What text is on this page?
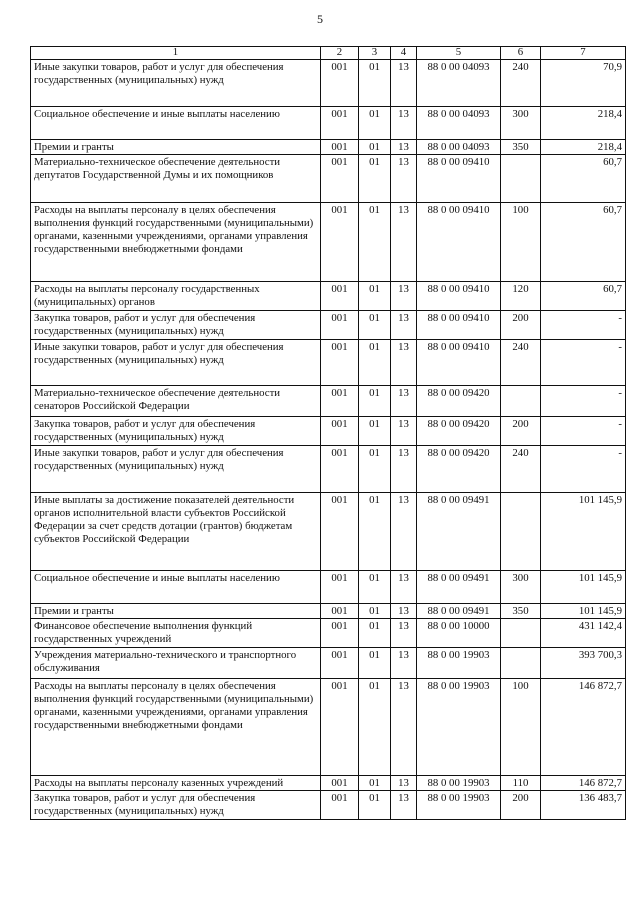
5
1	2	3	4	5	6	7
Иные закупки товаров, работ и услуг для обеспечения государственных (муниципальных) нужд	001	01	13	88 0 00 04093	240	70,9
Социальное обеспечение и иные выплаты населению	001	01	13	88 0 00 04093	300	218,4
Премии и гранты	001	01	13	88 0 00 04093	350	218,4
Материально-техническое обеспечение деятельности депутатов Государственной Думы и их помощников	001	01	13	88 0 00 09410		60,7
Расходы на выплаты персоналу в целях обеспечения выполнения функций государственными (муниципальными) органами, казенными учреждениями, органами управления государственными внебюджетными фондами	001	01	13	88 0 00 09410	100	60,7
Расходы на выплаты персоналу государственных (муниципальных) органов	001	01	13	88 0 00 09410	120	60,7
Закупка товаров, работ и услуг для обеспечения государственных (муниципальных) нужд	001	01	13	88 0 00 09410	200	-
Иные закупки товаров, работ и услуг для обеспечения государственных (муниципальных) нужд	001	01	13	88 0 00 09410	240	-
Материально-техническое обеспечение деятельности сенаторов Российской Федерации	001	01	13	88 0 00 09420		-
Закупка товаров, работ и услуг для обеспечения государственных (муниципальных) нужд	001	01	13	88 0 00 09420	200	-
Иные закупки товаров, работ и услуг для обеспечения государственных (муниципальных) нужд	001	01	13	88 0 00 09420	240	-
Иные выплаты за достижение показателей деятельности органов исполнительной власти субъектов Российской Федерации за счет средств дотации (грантов) бюджетам субъектов Российской Федерации	001	01	13	88 0 00 09491		101 145,9
Социальное обеспечение и иные выплаты населению	001	01	13	88 0 00 09491	300	101 145,9
Премии и гранты	001	01	13	88 0 00 09491	350	101 145,9
Финансовое обеспечение выполнения функций государственных учреждений	001	01	13	88 0 00 10000		431 142,4
Учреждения материально-технического и транспортного обслуживания	001	01	13	88 0 00 19903		393 700,3
Расходы на выплаты персоналу в целях обеспечения выполнения функций государственными (муниципальными) органами, казенными учреждениями, органами управления государственными внебюджетными фондами	001	01	13	88 0 00 19903	100	146 872,7
Расходы на выплаты персоналу казенных учреждений	001	01	13	88 0 00 19903	110	146 872,7
Закупка товаров, работ и услуг для обеспечения государственных (муниципальных) нужд	001	01	13	88 0 00 19903	200	136 483,7
